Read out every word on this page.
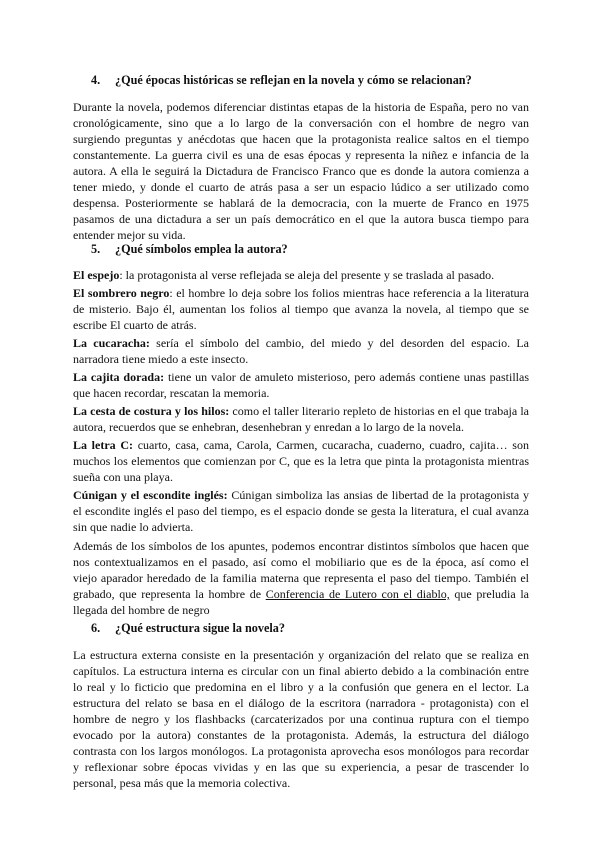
4. ¿Qué épocas históricas se reflejan en la novela y cómo se relacionan?
Durante la novela, podemos diferenciar distintas etapas de la historia de España, pero no van cronológicamente, sino que a lo largo de la conversación con el hombre de negro van surgiendo preguntas y anécdotas que hacen que la protagonista realice saltos en el tiempo constantemente. La guerra civil es una de esas épocas y representa la niñez e infancia de la autora. A ella le seguirá la Dictadura de Francisco Franco que es donde la autora comienza a tener miedo, y donde el cuarto de atrás pasa a ser un espacio lúdico a ser utilizado como despensa. Posteriormente se hablará de la democracia, con la muerte de Franco en 1975 pasamos de una dictadura a ser un país democrático en el que la autora busca tiempo para entender mejor su vida.
5. ¿Qué símbolos emplea la autora?

El espejo: la protagonista al verse reflejada se aleja del presente y se traslada al pasado.

El sombrero negro: el hombre lo deja sobre los folios mientras hace referencia a la literatura de misterio. Bajo él, aumentan los folios al tiempo que avanza la novela, al tiempo que se escribe El cuarto de atrás.

La cucaracha: sería el símbolo del cambio, del miedo y del desorden del espacio. La narradora tiene miedo a este insecto.

La cajita dorada: tiene un valor de amuleto misterioso, pero además contiene unas pastillas que hacen recordar, rescatan la memoria.

La cesta de costura y los hilos: como el taller literario repleto de historias en el que trabaja la autora, recuerdos que se enhebran, desenhebran y enredan a lo largo de la novela.

La letra C: cuarto, casa, cama, Carola, Carmen, cucaracha, cuaderno, cuadro, cajita… son muchos los elementos que comienzan por C, que es la letra que pinta la protagonista mientras sueña con una playa.

Cúnigan y el escondite inglés: Cúnigan simboliza las ansias de libertad de la protagonista y el escondite inglés el paso del tiempo, es el espacio donde se gesta la literatura, el cual avanza sin que nadie lo advierta.

Además de los símbolos de los apuntes, podemos encontrar distintos símbolos que hacen que nos contextualizamos en el pasado, así como el mobiliario que es de la época, así como el viejo aparador heredado de la familia materna que representa el paso del tiempo. También el grabado, que representa la hombre de Conferencia de Lutero con el diablo, que preludia la llegada del hombre de negro
6. ¿Qué estructura sigue la novela?
La estructura externa consiste en la presentación y organización del relato que se realiza en capítulos. La estructura interna es circular con un final abierto debido a la combinación entre lo real y lo ficticio que predomina en el libro y a la confusión que genera en el lector. La estructura del relato se basa en el diálogo de la escritora (narradora - protagonista) con el hombre de negro y los flashbacks (carcaterizados por una continua ruptura con el tiempo evocado por la autora) constantes de la protagonista. Además, la estructura del diálogo contrasta con los largos monólogos. La protagonista aprovecha esos monólogos para recordar y reflexionar sobre épocas vividas y en las que su experiencia, a pesar de trascender lo personal, pesa más que la memoria colectiva.
